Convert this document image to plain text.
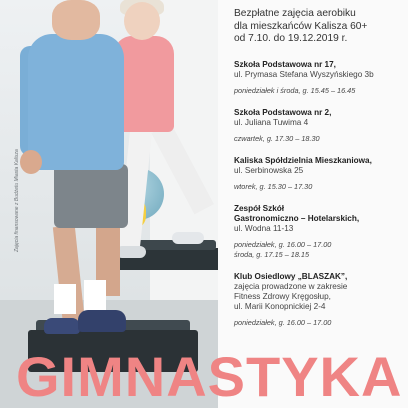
Zajęcia finansowane z Budżetu Miasta Kalisza

Bezpłatne zajęcia aerobiku
dla mieszkańców Kalisza 60+
od 7.10. do 19.12.2019 r.

Szkoła Podstawowa nr 17,
ul. Prymasa Stefana Wyszyńskiego 3b
poniedziałek i środa, g. 15.45 – 16.45
Szkoła Podstawowa nr 2,
ul. Juliana Tuwima 4
czwartek, g. 17.30 – 18.30
Kaliska Spółdzielnia Mieszkaniowa,
ul. Serbinowska 25
wtorek, g. 15.30 – 17.30
Zespół Szkół
Gastronomiczno – Hotelarskich,
ul. Wodna 11-13
poniedziałek, g. 16.00 – 17.00
środa, g. 17.15 – 18.15
Klub Osiedlowy „BLASZAK”,
zajęcia prowadzone w zakresie
Fitness Zdrowy Kręgosłup,
ul. Marii Konopnickiej 2-4
poniedziałek, g. 16.00 – 17.00
GIMNASTYKA
